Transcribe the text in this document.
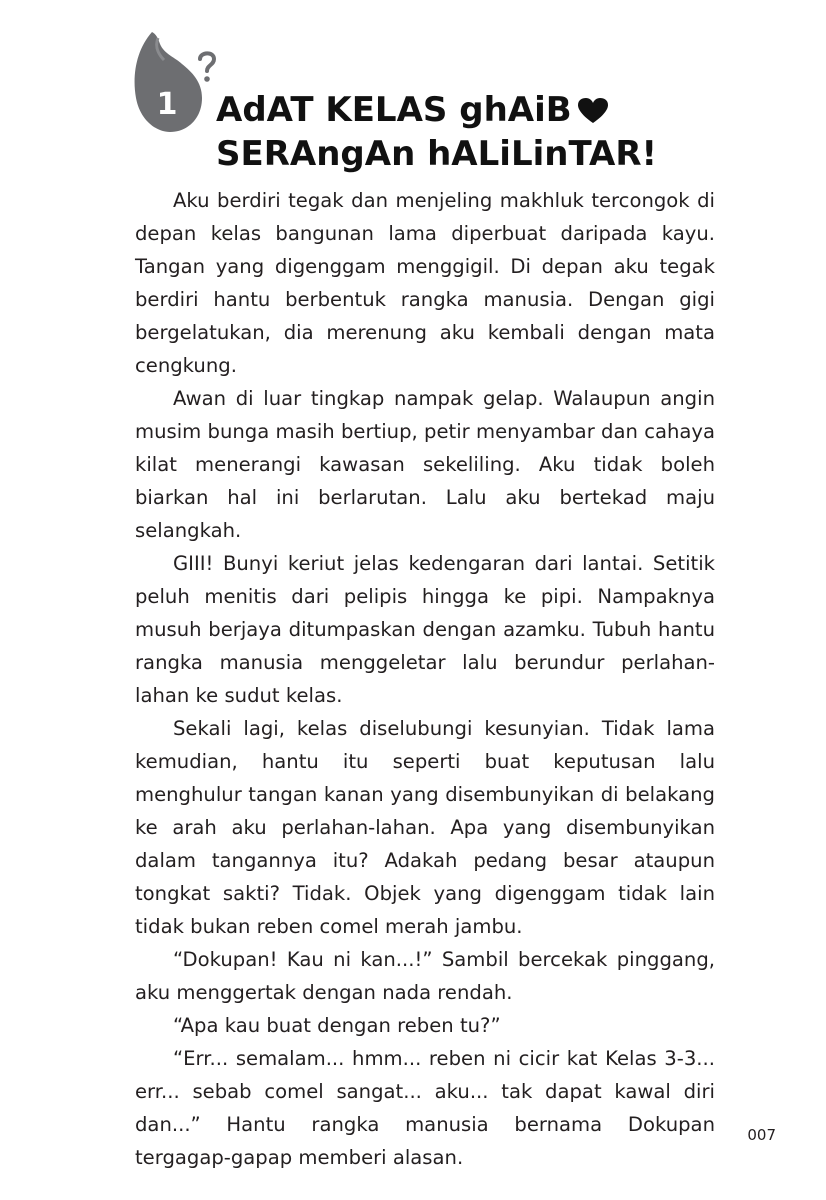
1	AdAT KELAS ghAiB
SERAngAn hALiLinTAR!

Aku berdiri tegak dan menjeling makhluk tercongok di depan kelas bangunan lama diperbuat daripada kayu. Tangan yang digenggam menggigil. Di depan aku tegak berdiri hantu berbentuk rangka manusia. Dengan gigi bergelatukan, dia merenung aku kembali dengan mata cengkung.

Awan di luar tingkap nampak gelap. Walaupun angin musim bunga masih bertiup, petir menyambar dan cahaya kilat menerangi kawasan sekeliling. Aku tidak boleh biarkan hal ini berlarutan. Lalu aku bertekad maju selangkah.

GIII! Bunyi keriut jelas kedengaran dari lantai. Setitik peluh menitis dari pelipis hingga ke pipi. Nampaknya musuh berjaya ditumpaskan dengan azamku. Tubuh hantu rangka manusia menggeletar lalu berundur perlahan-lahan ke sudut kelas.

Sekali lagi, kelas diselubungi kesunyian. Tidak lama kemudian, hantu itu seperti buat keputusan lalu menghulur tangan kanan yang disembunyikan di belakang ke arah aku perlahan-lahan. Apa yang disembunyikan dalam tangannya itu? Adakah pedang besar ataupun tongkat sakti? Tidak. Objek yang digenggam tidak lain tidak bukan reben comel merah jambu.

“Dokupan! Kau ni kan...!” Sambil bercekak pinggang, aku menggertak dengan nada rendah.

“Apa kau buat dengan reben tu?”

“Err... semalam... hmm... reben ni cicir kat Kelas 3-3... err... sebab comel sangat... aku... tak dapat kawal diri dan...” Hantu rangka manusia bernama Dokupan tergagap-gapap memberi alasan.

007
